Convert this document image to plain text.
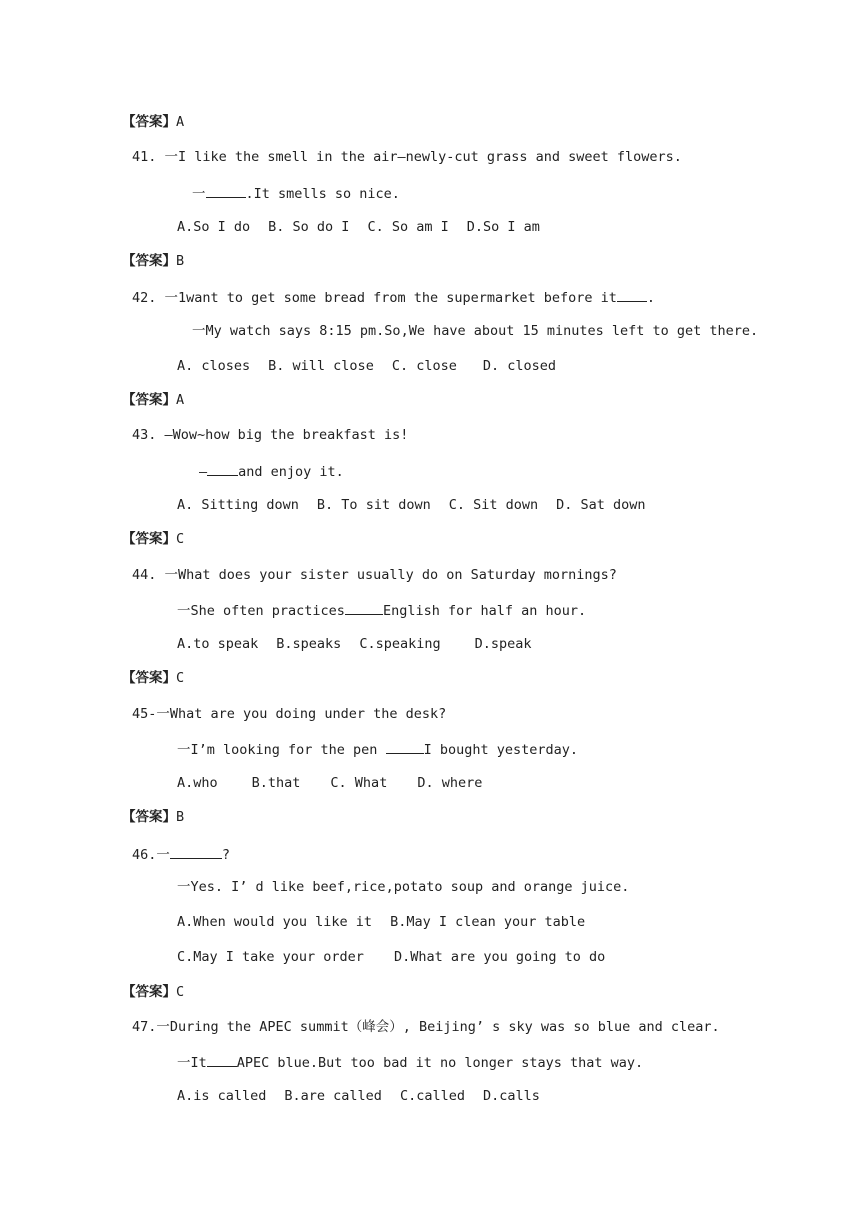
【答案】A
41. 一I like the smell in the air—newly-cut grass and sweet flowers.
一	.It smells so nice.
A.So I do B. So do I C. So am I D.So I am
【答案】B
42. 一1want to get some bread from the supermarket before it .
一My watch says 8:15 pm.So,We have about 15 minutes left to get there.
A. closes B. will close C. close D. closed
【答案】A
43. —Wow~how big the breakfast is!
— and enjoy it.
A. Sitting down B. To sit down C. Sit down D. Sat down
【答案】C
44. 一What does your sister usually do on Saturday mornings?
一She often practices	English for half an hour.
A.to speak B.speaks C.speaking	D.speak
【答案】C
45-一What are you doing under the desk?
一I’m looking for the pen	I bought yesterday.
A.who	B.that C. What D. where
【答案】B
46.一	?
一Yes. I’ d like beef,rice,potato soup and orange juice.
A.When would you like it B.May I clean your table
C.May I take your order D.What are you going to do
【答案】C
47.一During the APEC summit（峰会）, Beijing’ s sky was so blue and clear.
一It APEC blue.But too bad it no longer stays that way.
A.is called B.are called C.called D.calls
